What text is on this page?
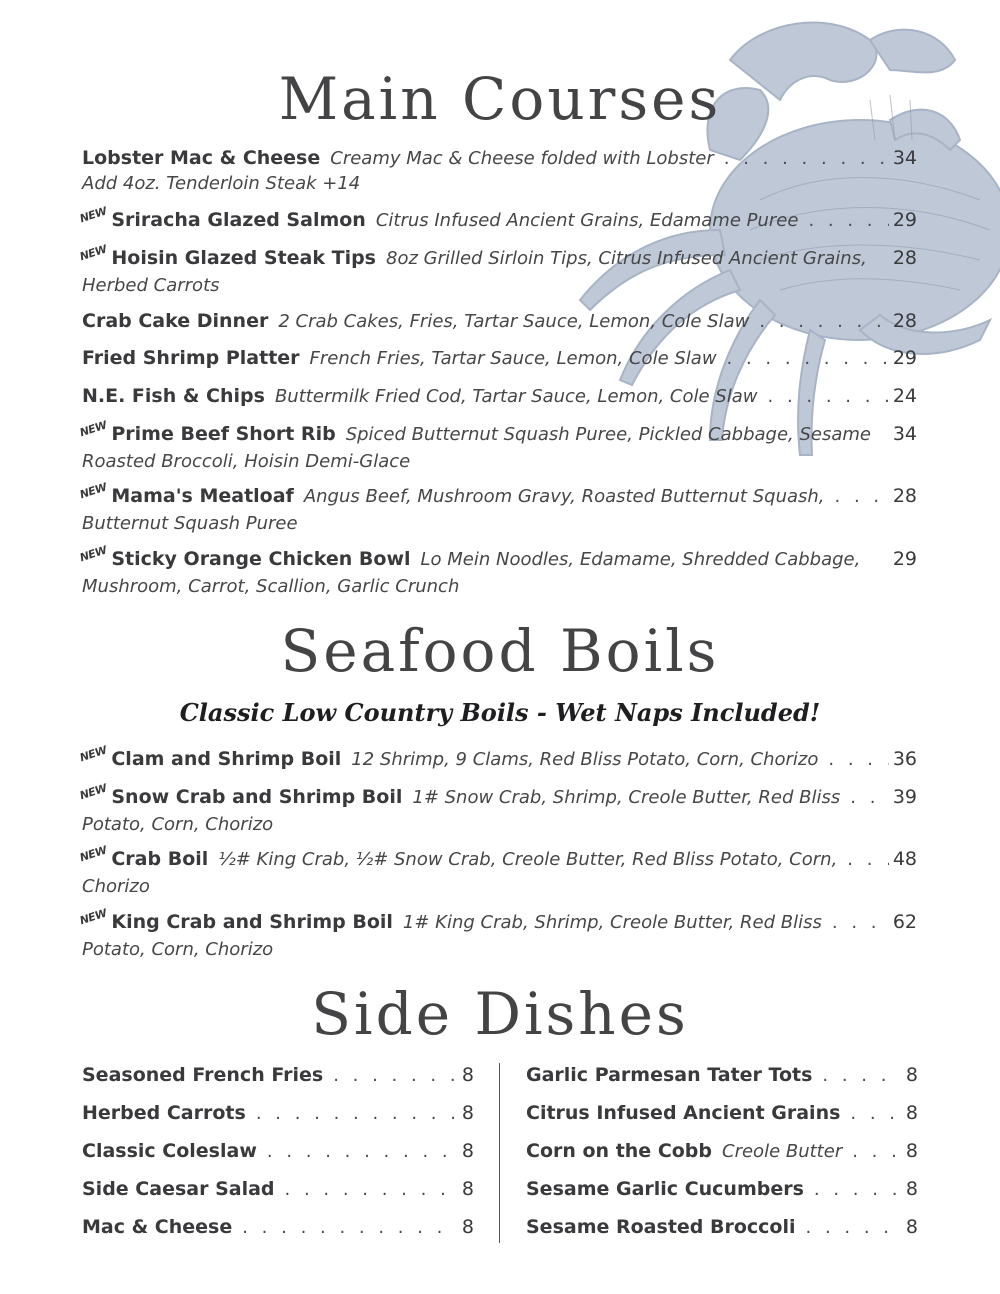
Main Courses
Lobster Mac & Cheese Creamy Mac & Cheese folded with Lobster . . .	34
Add 4oz. Tenderloin Steak +14
NEW Sriracha Glazed Salmon Citrus Infused Ancient Grains, Edamame Puree . . .	29
NEW Hoisin Glazed Steak Tips 8oz Grilled Sirloin Tips, Citrus Infused Ancient Grains, 28
Herbed Carrots
Crab Cake Dinner 2 Crab Cakes, Fries, Tartar Sauce, Lemon, Cole Slaw . . .	28
Fried Shrimp Platter French Fries, Tartar Sauce, Lemon, Cole Slaw . . .	29
N.E. Fish & Chips Buttermilk Fried Cod, Tartar Sauce, Lemon, Cole Slaw . . .	24
NEW Prime Beef Short Rib Spiced Butternut Squash Puree, Pickled Cabbage, Sesame 34
Roasted Broccoli, Hoisin Demi-Glace
NEW Mama's Meatloaf Angus Beef, Mushroom Gravy, Roasted Butternut Squash, . . .	28
Butternut Squash Puree
NEW Sticky Orange Chicken Bowl Lo Mein Noodles, Edamame, Shredded Cabbage, 29
Mushroom, Carrot, Scallion, Garlic Crunch
Seafood Boils

Classic Low Country Boils - Wet Naps Included!

NEW Clam and Shrimp Boil 12 Shrimp, 9 Clams, Red Bliss Potato, Corn, Chorizo . . .	36
NEW Snow Crab and Shrimp Boil 1# Snow Crab, Shrimp, Creole Butter, Red Bliss . . .	39
Potato, Corn, Chorizo
NEW Crab Boil ½# King Crab, ½# Snow Crab, Creole Butter, Red Bliss Potato, Corn, . . .	48
Chorizo
NEW King Crab and Shrimp Boil 1# King Crab, Shrimp, Creole Butter, Red Bliss . . .	62
Potato, Corn, Chorizo
Side Dishes
Seasoned French Fries . . .	8
Herbed Carrots . . .	8
Classic Coleslaw . . .	8
Side Caesar Salad . . .	8
Mac & Cheese . . .	8
Garlic Parmesan Tater Tots . . .	8
Citrus Infused Ancient Grains . . .	8
Corn on the Cobb Creole Butter . . .	8
Sesame Garlic Cucumbers . . .	8
Sesame Roasted Broccoli . . .	8
